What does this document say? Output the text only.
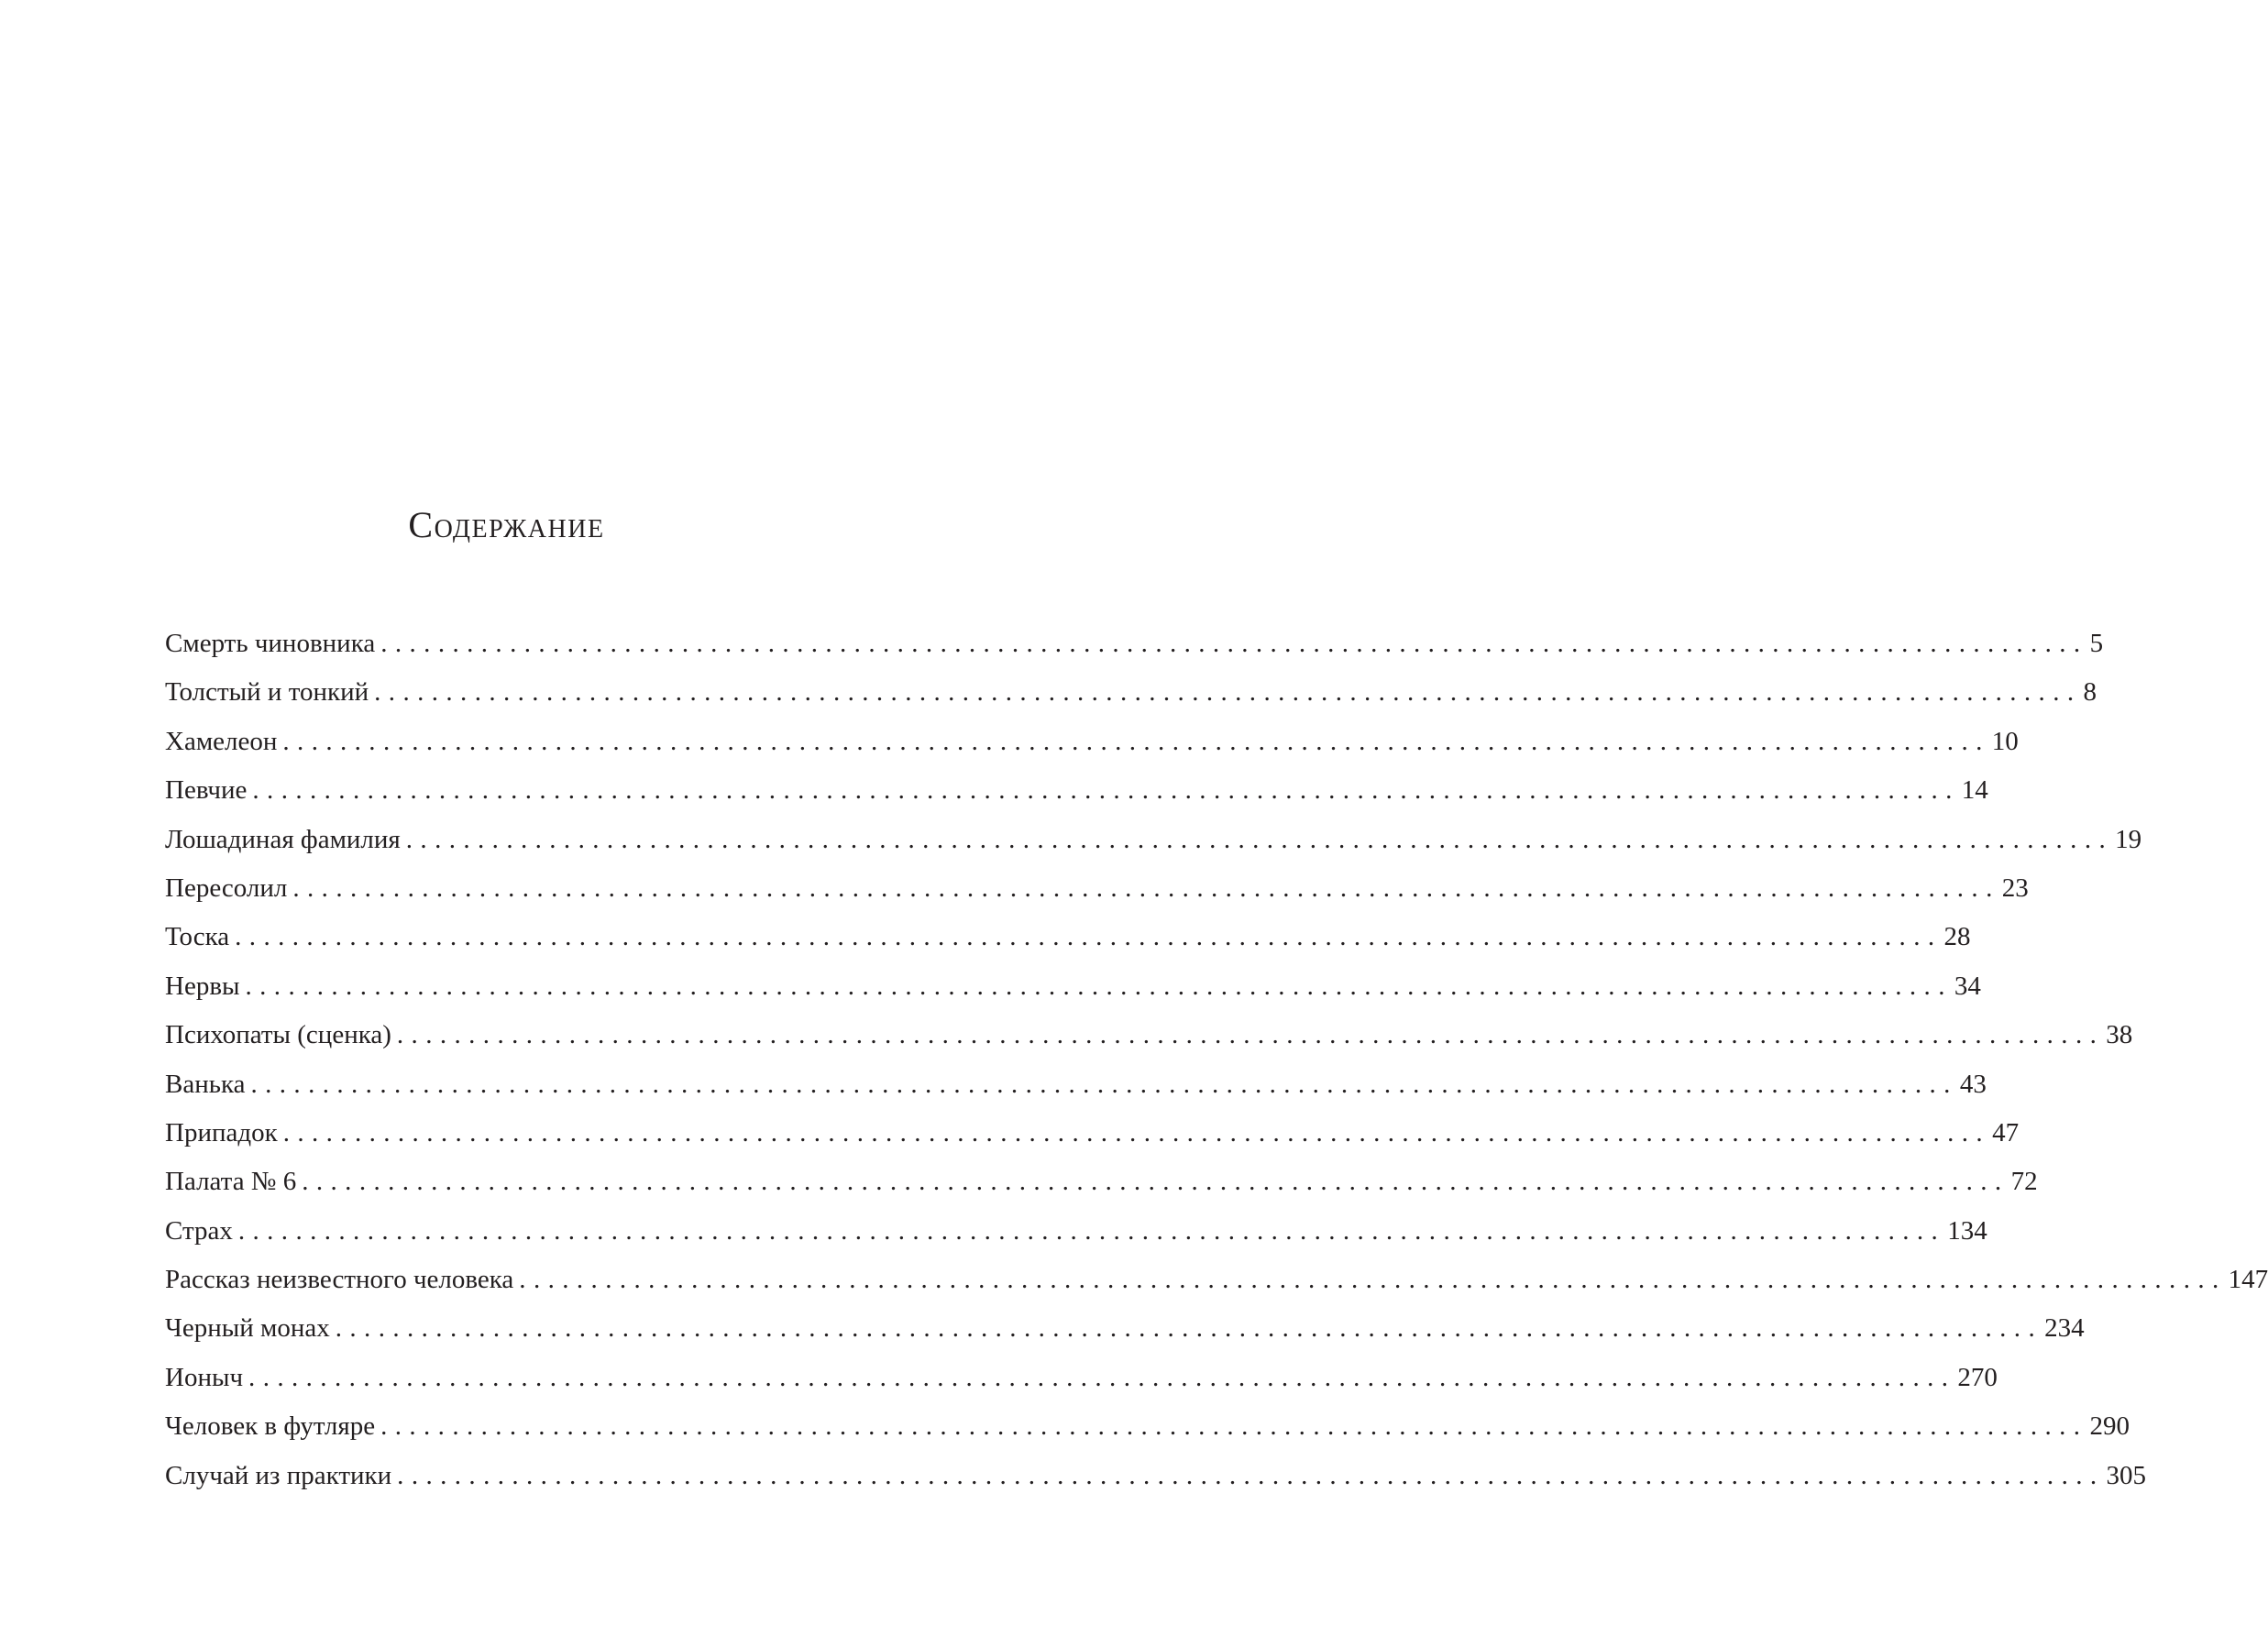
Содержание
Смерть чиновника ....................................................................................................................... 5
Толстый и тонкий ....................................................................................................................... 8
Хамелеон ....................................................................................................................... 10
Певчие ....................................................................................................................... 14
Лошадиная фамилия ....................................................................................................................... 19
Пересолил ....................................................................................................................... 23
Тоска ....................................................................................................................... 28
Нервы ....................................................................................................................... 34
Психопаты (сценка) ....................................................................................................................... 38
Ванька ....................................................................................................................... 43
Припадок ....................................................................................................................... 47
Палата № 6 ....................................................................................................................... 72
Страх ....................................................................................................................... 134
Рассказ неизвестного человека ....................................................................................................................... 147
Черный монах ....................................................................................................................... 234
Ионыч ....................................................................................................................... 270
Человек в футляре ....................................................................................................................... 290
Случай из практики ....................................................................................................................... 305
